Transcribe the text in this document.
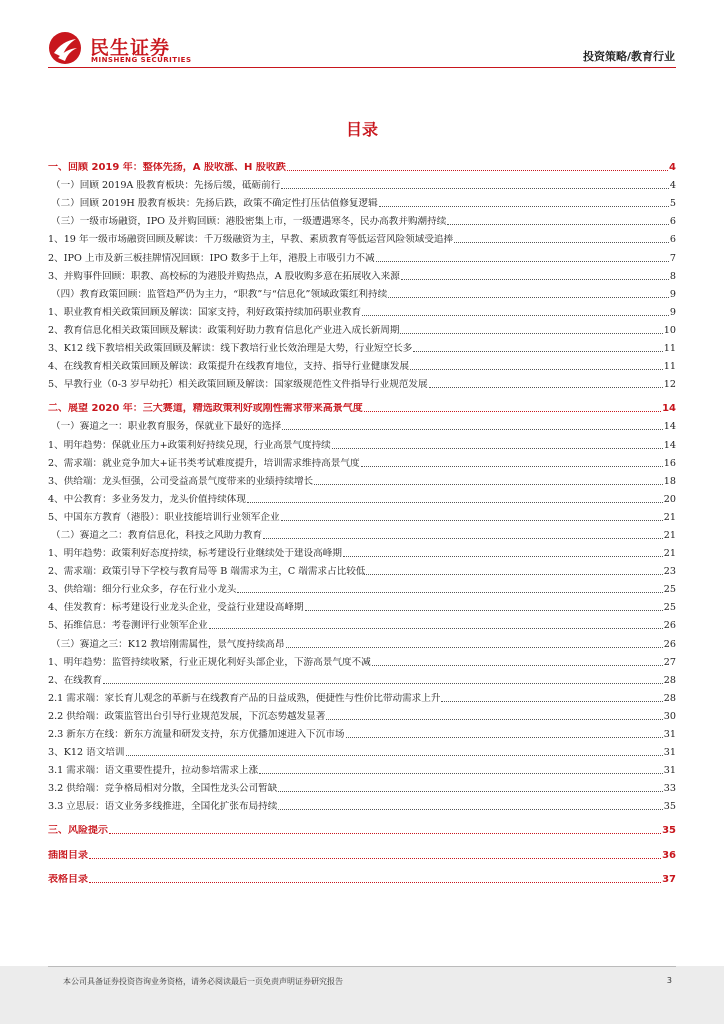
民生证券
MINSHENG SECURITIES	投资策略/教育行业
目录
一、回顾 2019 年：整体先扬，A 股收涨、H 股收跌	4
（一）回顾 2019A 股教育板块：先扬后缓，砥砺前行	4
（二）回顾 2019H 股教育板块：先扬后跌，政策不确定性打压估值修复逻辑	5
（三）一级市场融资，IPO 及并购回顾：港股密集上市，一级遭遇寒冬，民办高教并购潮持续	6
1、19 年一级市场融资回顾及解读：千万级融资为主，早教、素质教育等低运营风险领域受追捧	6
2、IPO 上市及新三板挂牌情况回顾：IPO 数多于上年，港股上市吸引力不减	7
3、并购事件回顾：职教、高校标的为港股并购热点，A 股收购多意在拓展收入来源	8
（四）教育政策回顾：监管趋严仍为主力，“职教”与“信息化”领域政策红利持续	9
1、职业教育相关政策回顾及解读：国家支持，利好政策持续加码职业教育	9
2、教育信息化相关政策回顾及解读：政策利好助力教育信息化产业进入成长新周期	10
3、K12 线下教培相关政策回顾及解读：线下教培行业长效治理是大势，行业短空长多	11
4、在线教育相关政策回顾及解读：政策提升在线教育地位，支持、指导行业健康发展	11
5、早教行业（0-3 岁早幼托）相关政策回顾及解读：国家级规范性文件指导行业规范发展	12
二、展望 2020 年：三大赛道，精选政策利好或刚性需求带来高景气度	14
（一）赛道之一：职业教育服务，保就业下最好的选择	14
1、明年趋势：保就业压力+政策利好持续兑现，行业高景气度持续	14
2、需求端：就业竞争加大+证书类考试难度提升，培训需求维持高景气度	16
3、供给端：龙头恒强，公司受益高景气度带来的业绩持续增长	18
4、中公教育：多业务发力，龙头价值持续体现	20
5、中国东方教育（港股）：职业技能培训行业领军企业	21
（二）赛道之二：教育信息化，科技之风助力教育	21
1、明年趋势：政策利好态度持续，标考建设行业继续处于建设高峰期	21
2、需求端：政策引导下学校与教育局等 B 端需求为主，C 端需求占比较低	23
3、供给端：细分行业众多，存在行业小龙头	25
4、佳发教育：标考建设行业龙头企业，受益行业建设高峰期	25
5、拓维信息：考卷测评行业领军企业	26
（三）赛道之三：K12 教培刚需属性，景气度持续高昂	26
1、明年趋势：监管持续收紧，行业正规化利好头部企业，下游高景气度不减	27
2、在线教育	28
2.1 需求端：家长育儿观念的革新与在线教育产品的日益成熟，便捷性与性价比带动需求上升	28
2.2 供给端：政策监管出台引导行业规范发展，下沉态势越发显著	30
2.3 新东方在线：新东方流量和研发支持，东方优播加速进入下沉市场	31
3、K12 语文培训	31
3.1 需求端：语文重要性提升，拉动参培需求上涨	31
3.2 供给端：竞争格局相对分散，全国性龙头公司暂缺	33
3.3 立思辰：语文业务多线推进，全国化扩张布局持续	35
三、风险提示	35
插图目录	36
表格目录	37
本公司具备证券投资咨询业务资格，请务必阅读最后一页免责声明证券研究报告	3
